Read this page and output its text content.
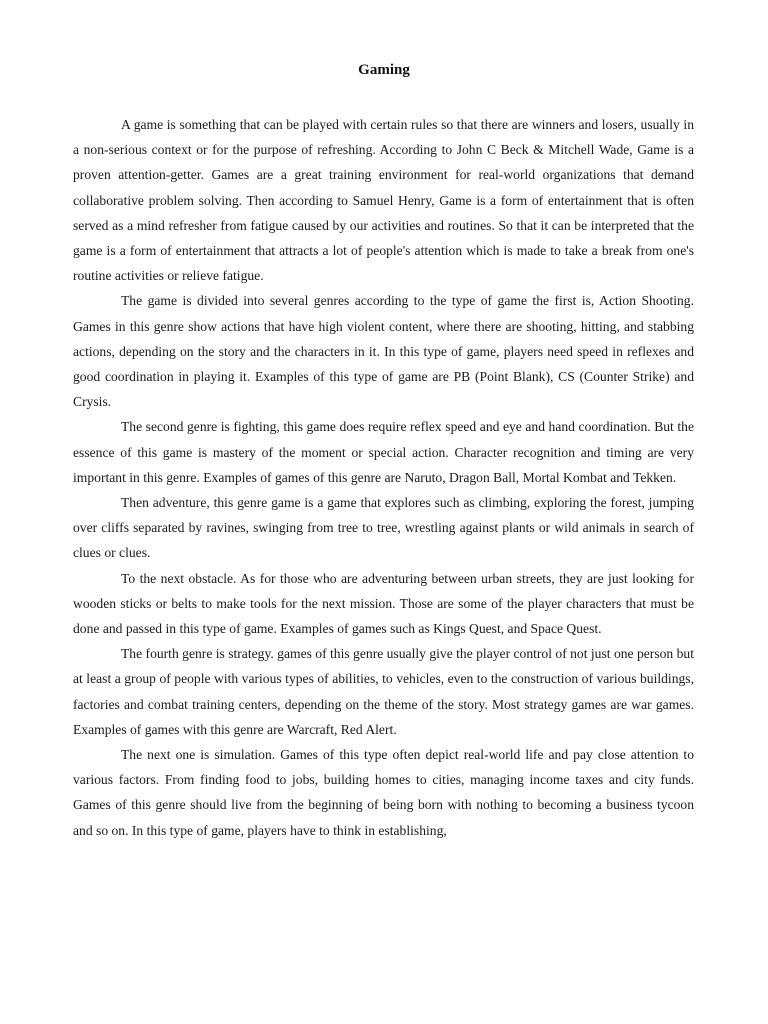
Gaming

A game is something that can be played with certain rules so that there are winners and losers, usually in a non-serious context or for the purpose of refreshing. According to John C Beck & Mitchell Wade, Game is a proven attention-getter. Games are a great training environment for real-world organizations that demand collaborative problem solving. Then according to Samuel Henry, Game is a form of entertainment that is often served as a mind refresher from fatigue caused by our activities and routines. So that it can be interpreted that the game is a form of entertainment that attracts a lot of people's attention which is made to take a break from one's routine activities or relieve fatigue.

The game is divided into several genres according to the type of game the first is, Action Shooting. Games in this genre show actions that have high violent content, where there are shooting, hitting, and stabbing actions, depending on the story and the characters in it. In this type of game, players need speed in reflexes and good coordination in playing it. Examples of this type of game are PB (Point Blank), CS (Counter Strike) and Crysis.

The second genre is fighting, this game does require reflex speed and eye and hand coordination. But the essence of this game is mastery of the moment or special action. Character recognition and timing are very important in this genre. Examples of games of this genre are Naruto, Dragon Ball, Mortal Kombat and Tekken.

Then adventure, this genre game is a game that explores such as climbing, exploring the forest, jumping over cliffs separated by ravines, swinging from tree to tree, wrestling against plants or wild animals in search of clues or clues.

To the next obstacle. As for those who are adventuring between urban streets, they are just looking for wooden sticks or belts to make tools for the next mission. Those are some of the player characters that must be done and passed in this type of game. Examples of games such as Kings Quest, and Space Quest.

The fourth genre is strategy. games of this genre usually give the player control of not just one person but at least a group of people with various types of abilities, to vehicles, even to the construction of various buildings, factories and combat training centers, depending on the theme of the story. Most strategy games are war games. Examples of games with this genre are Warcraft, Red Alert.

The next one is simulation. Games of this type often depict real-world life and pay close attention to various factors. From finding food to jobs, building homes to cities, managing income taxes and city funds. Games of this genre should live from the beginning of being born with nothing to becoming a business tycoon and so on. In this type of game, players have to think in establishing,
